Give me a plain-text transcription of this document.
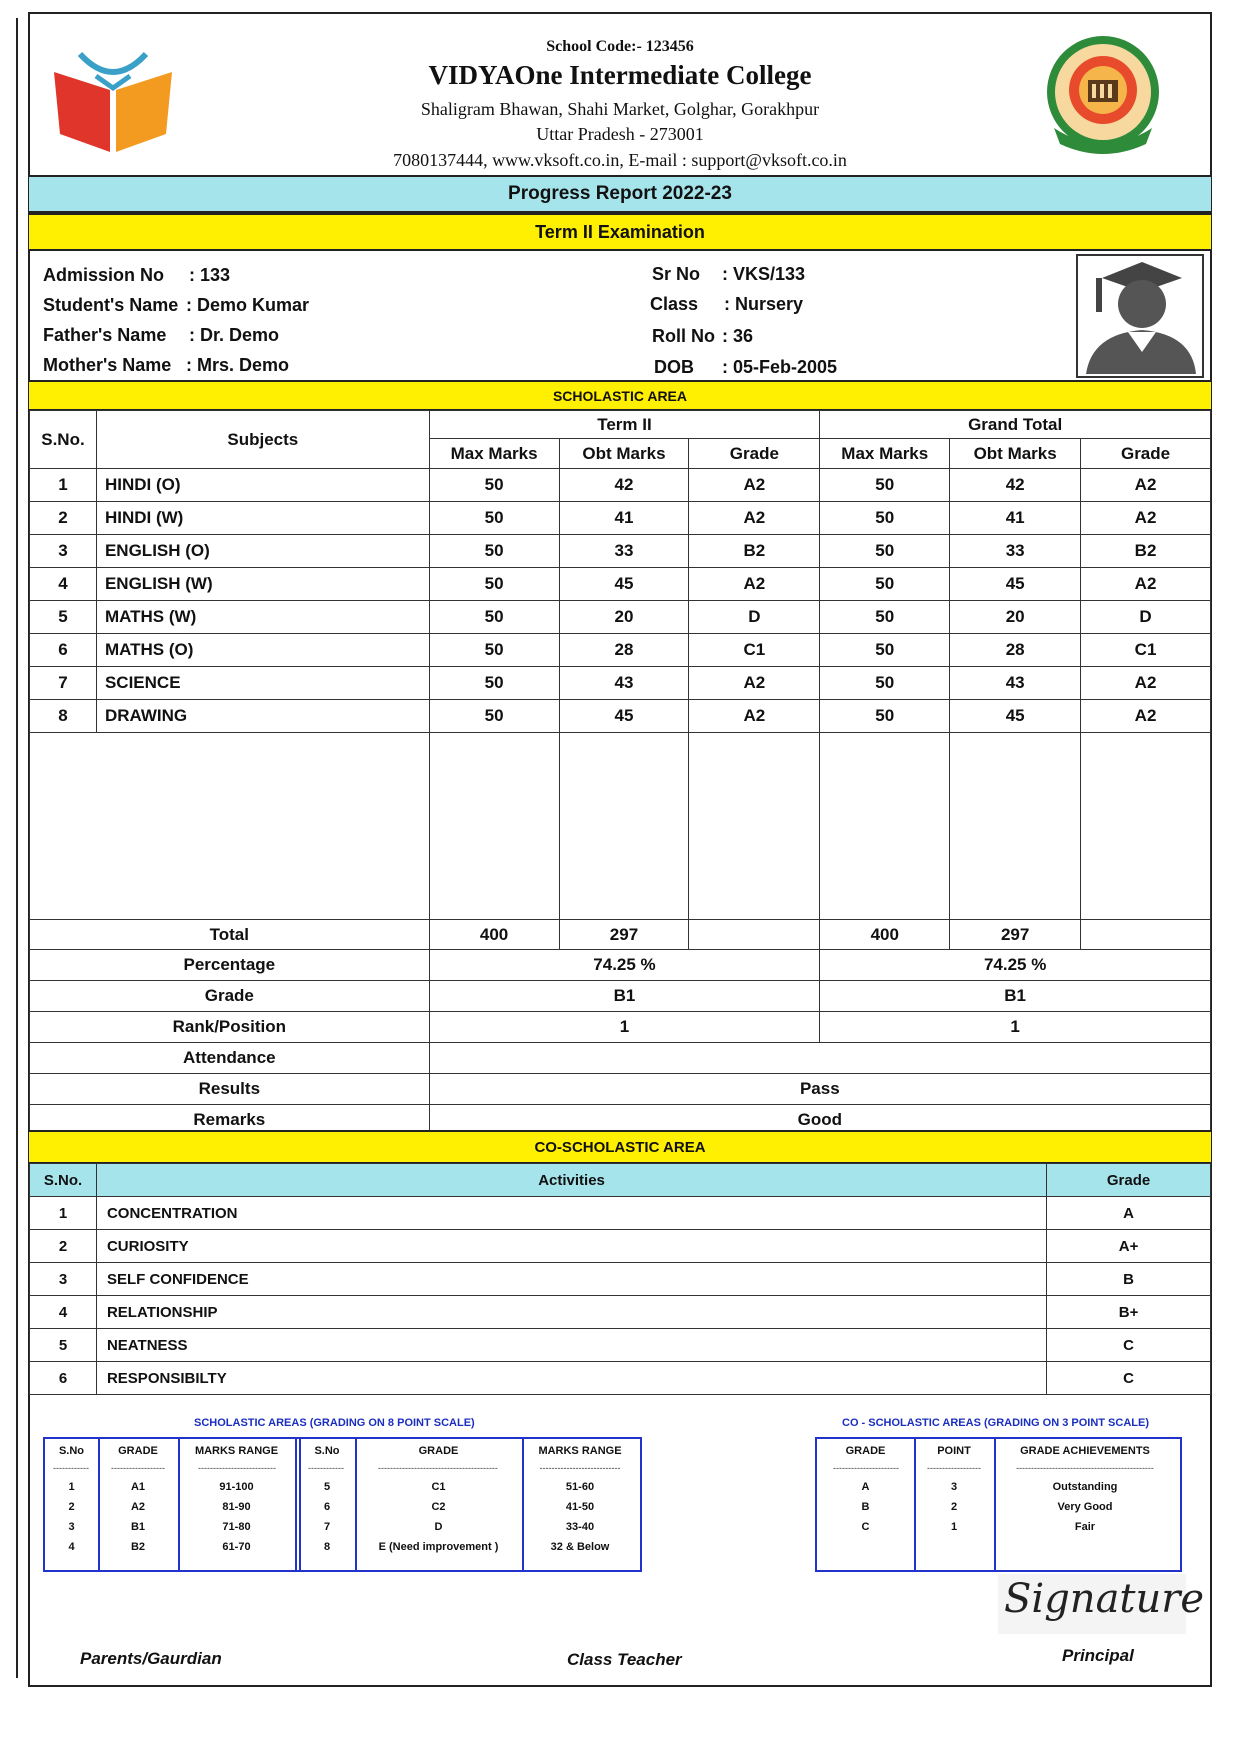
School Code:- 123456
VIDYAOne Intermediate College
Shaligram Bhawan, Shahi Market, Golghar, Gorakhpur
Uttar Pradesh - 273001
7080137444, www.vksoft.co.in, E-mail : support@vksoft.co.in
Progress Report 2022-23
Term II Examination
Admission No : 133
Student's Name : Demo Kumar
Father's Name : Dr. Demo
Mother's Name : Mrs. Demo
Sr No : VKS/133
Class : Nursery
Roll No : 36
DOB : 05-Feb-2005
SCHOLASTIC AREA
S.No.	Subjects	Term II			Grand Total		
		Max Marks	Obt Marks	Grade	Max Marks	Obt Marks	Grade
1	HINDI (O)	50	42	A2	50	42	A2
2	HINDI (W)	50	41	A2	50	41	A2
3	ENGLISH (O)	50	33	B2	50	33	B2
4	ENGLISH (W)	50	45	A2	50	45	A2
5	MATHS (W)	50	20	D	50	20	D
6	MATHS (O)	50	28	C1	50	28	C1
7	SCIENCE	50	43	A2	50	43	A2
8	DRAWING	50	45	A2	50	45	A2

Total		400	297		400	297	
Percentage		74.25 %			74.25 %		
Grade		B1			B1		
Rank/Position		1			1		
Attendance							
Results		Pass					
Remarks		Good					
CO-SCHOLASTIC AREA
S.No.	Activities	Grade
1	CONCENTRATION	A
2	CURIOSITY	A+
3	SELF CONFIDENCE	B
4	RELATIONSHIP	B+
5	NEATNESS	C
6	RESPONSIBILTY	C
SCHOLASTIC AREAS (GRADING ON 8 POINT SCALE)
S.No	GRADE	MARKS RANGE	S.No	GRADE	MARKS RANGE
------------	------------------	--------------------------	------------	----------------------------------------	---------------------------
1	A1	91-100	5	C1	51-60
2	A2	81-90	6	C2	41-50
3	B1	71-80	7	D	33-40
4	B2	61-70	8	E (Need improvement )	32 & Below
CO - SCHOLASTIC AREAS (GRADING ON 3 POINT SCALE)
GRADE	POINT	GRADE ACHIEVEMENTS
----------------------	------------------	----------------------------------------------
A	3	Outstanding
B	2	Very Good
C	1	Fair
Signature
Parents/Gaurdian	Class Teacher	Principal
